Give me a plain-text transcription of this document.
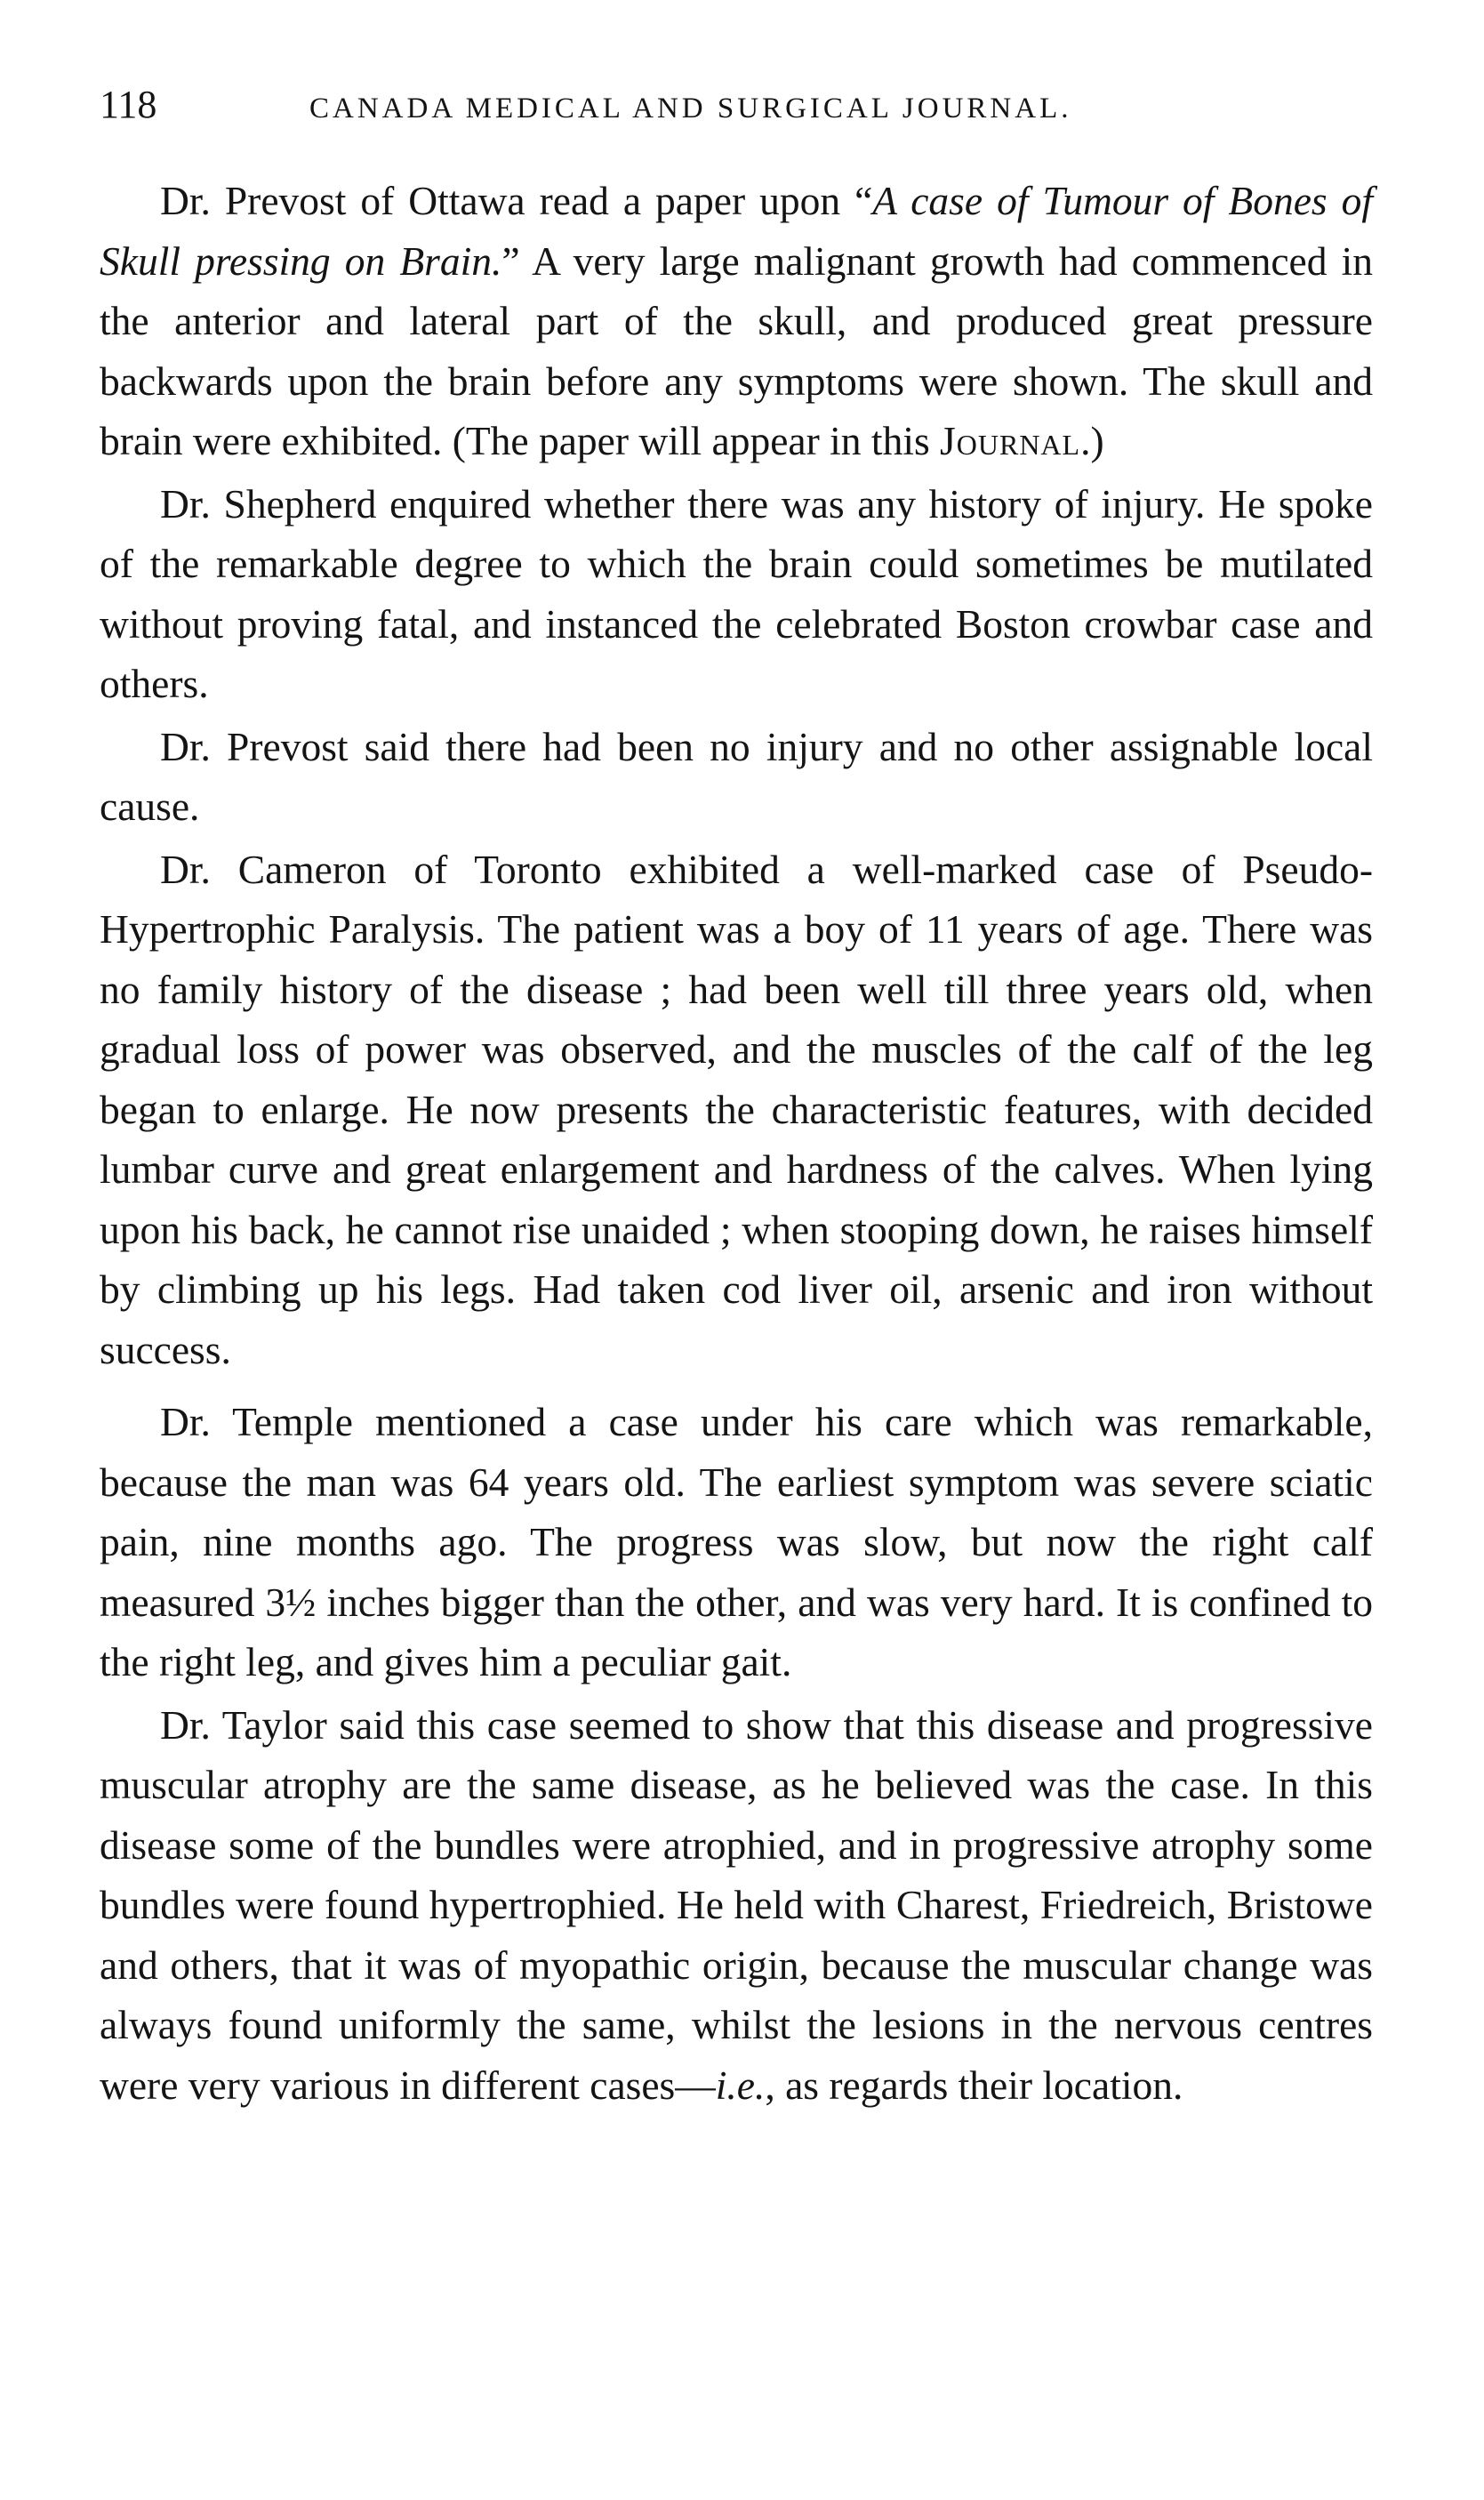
118	CANADA MEDICAL AND SURGICAL JOURNAL.

Dr. Prevost of Ottawa read a paper upon “A case of Tumour of Bones of Skull pressing on Brain.” A very large malignant growth had commenced in the anterior and lateral part of the skull, and produced great pressure backwards upon the brain before any symptoms were shown. The skull and brain were exhibited. (The paper will appear in this Journal.)

Dr. Shepherd enquired whether there was any history of injury. He spoke of the remarkable degree to which the brain could sometimes be mutilated without proving fatal, and instanced the celebrated Boston crowbar case and others.

Dr. Prevost said there had been no injury and no other assignable local cause.

Dr. Cameron of Toronto exhibited a well-marked case of Pseudo-Hypertrophic Paralysis. The patient was a boy of 11 years of age. There was no family history of the disease ; had been well till three years old, when gradual loss of power was observed, and the muscles of the calf of the leg began to enlarge. He now presents the characteristic features, with decided lumbar curve and great enlargement and hardness of the calves. When lying upon his back, he cannot rise unaided ; when stooping down, he raises himself by climbing up his legs. Had taken cod liver oil, arsenic and iron without success.

Dr. Temple mentioned a case under his care which was remarkable, because the man was 64 years old. The earliest symptom was severe sciatic pain, nine months ago. The progress was slow, but now the right calf measured 3½ inches bigger than the other, and was very hard. It is confined to the right leg, and gives him a peculiar gait.

Dr. Taylor said this case seemed to show that this disease and progressive muscular atrophy are the same disease, as he believed was the case. In this disease some of the bundles were atrophied, and in progressive atrophy some bundles were found hypertrophied. He held with Charest, Friedreich, Bristowe and others, that it was of myopathic origin, because the muscular change was always found uniformly the same, whilst the lesions in the nervous centres were very various in different cases—i.e., as regards their location.
